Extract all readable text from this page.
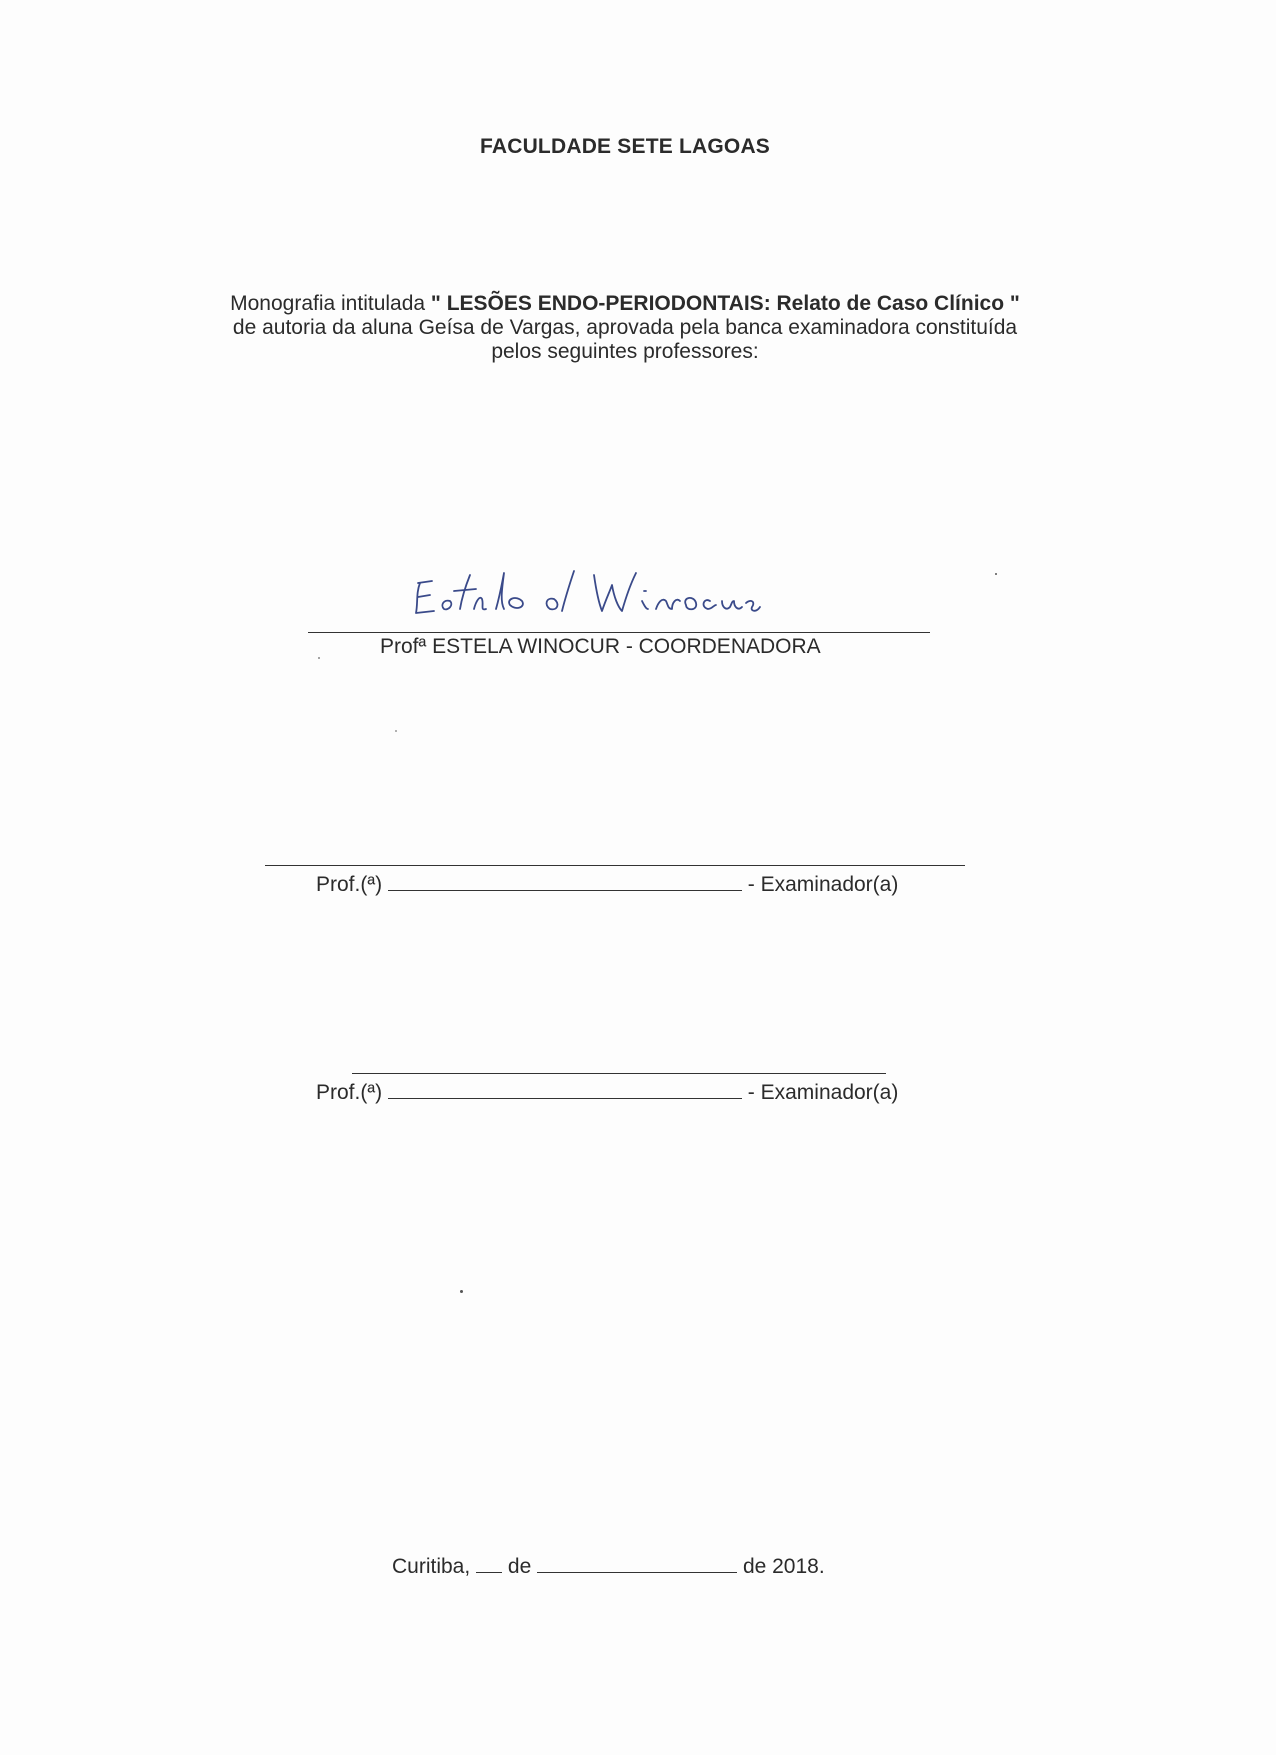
FACULDADE SETE LAGOAS
Monografia intitulada " LESÕES ENDO-PERIODONTAIS: Relato de Caso Clínico "
de autoria da aluna Geísa de Vargas, aprovada pela banca examinadora constituída
pelos seguintes professores:
Profª ESTELA WINOCUR - COORDENADORA
Prof.(ª)	- Examinador(a)
Prof.(ª)	- Examinador(a)
Curitiba, de	de 2018.
